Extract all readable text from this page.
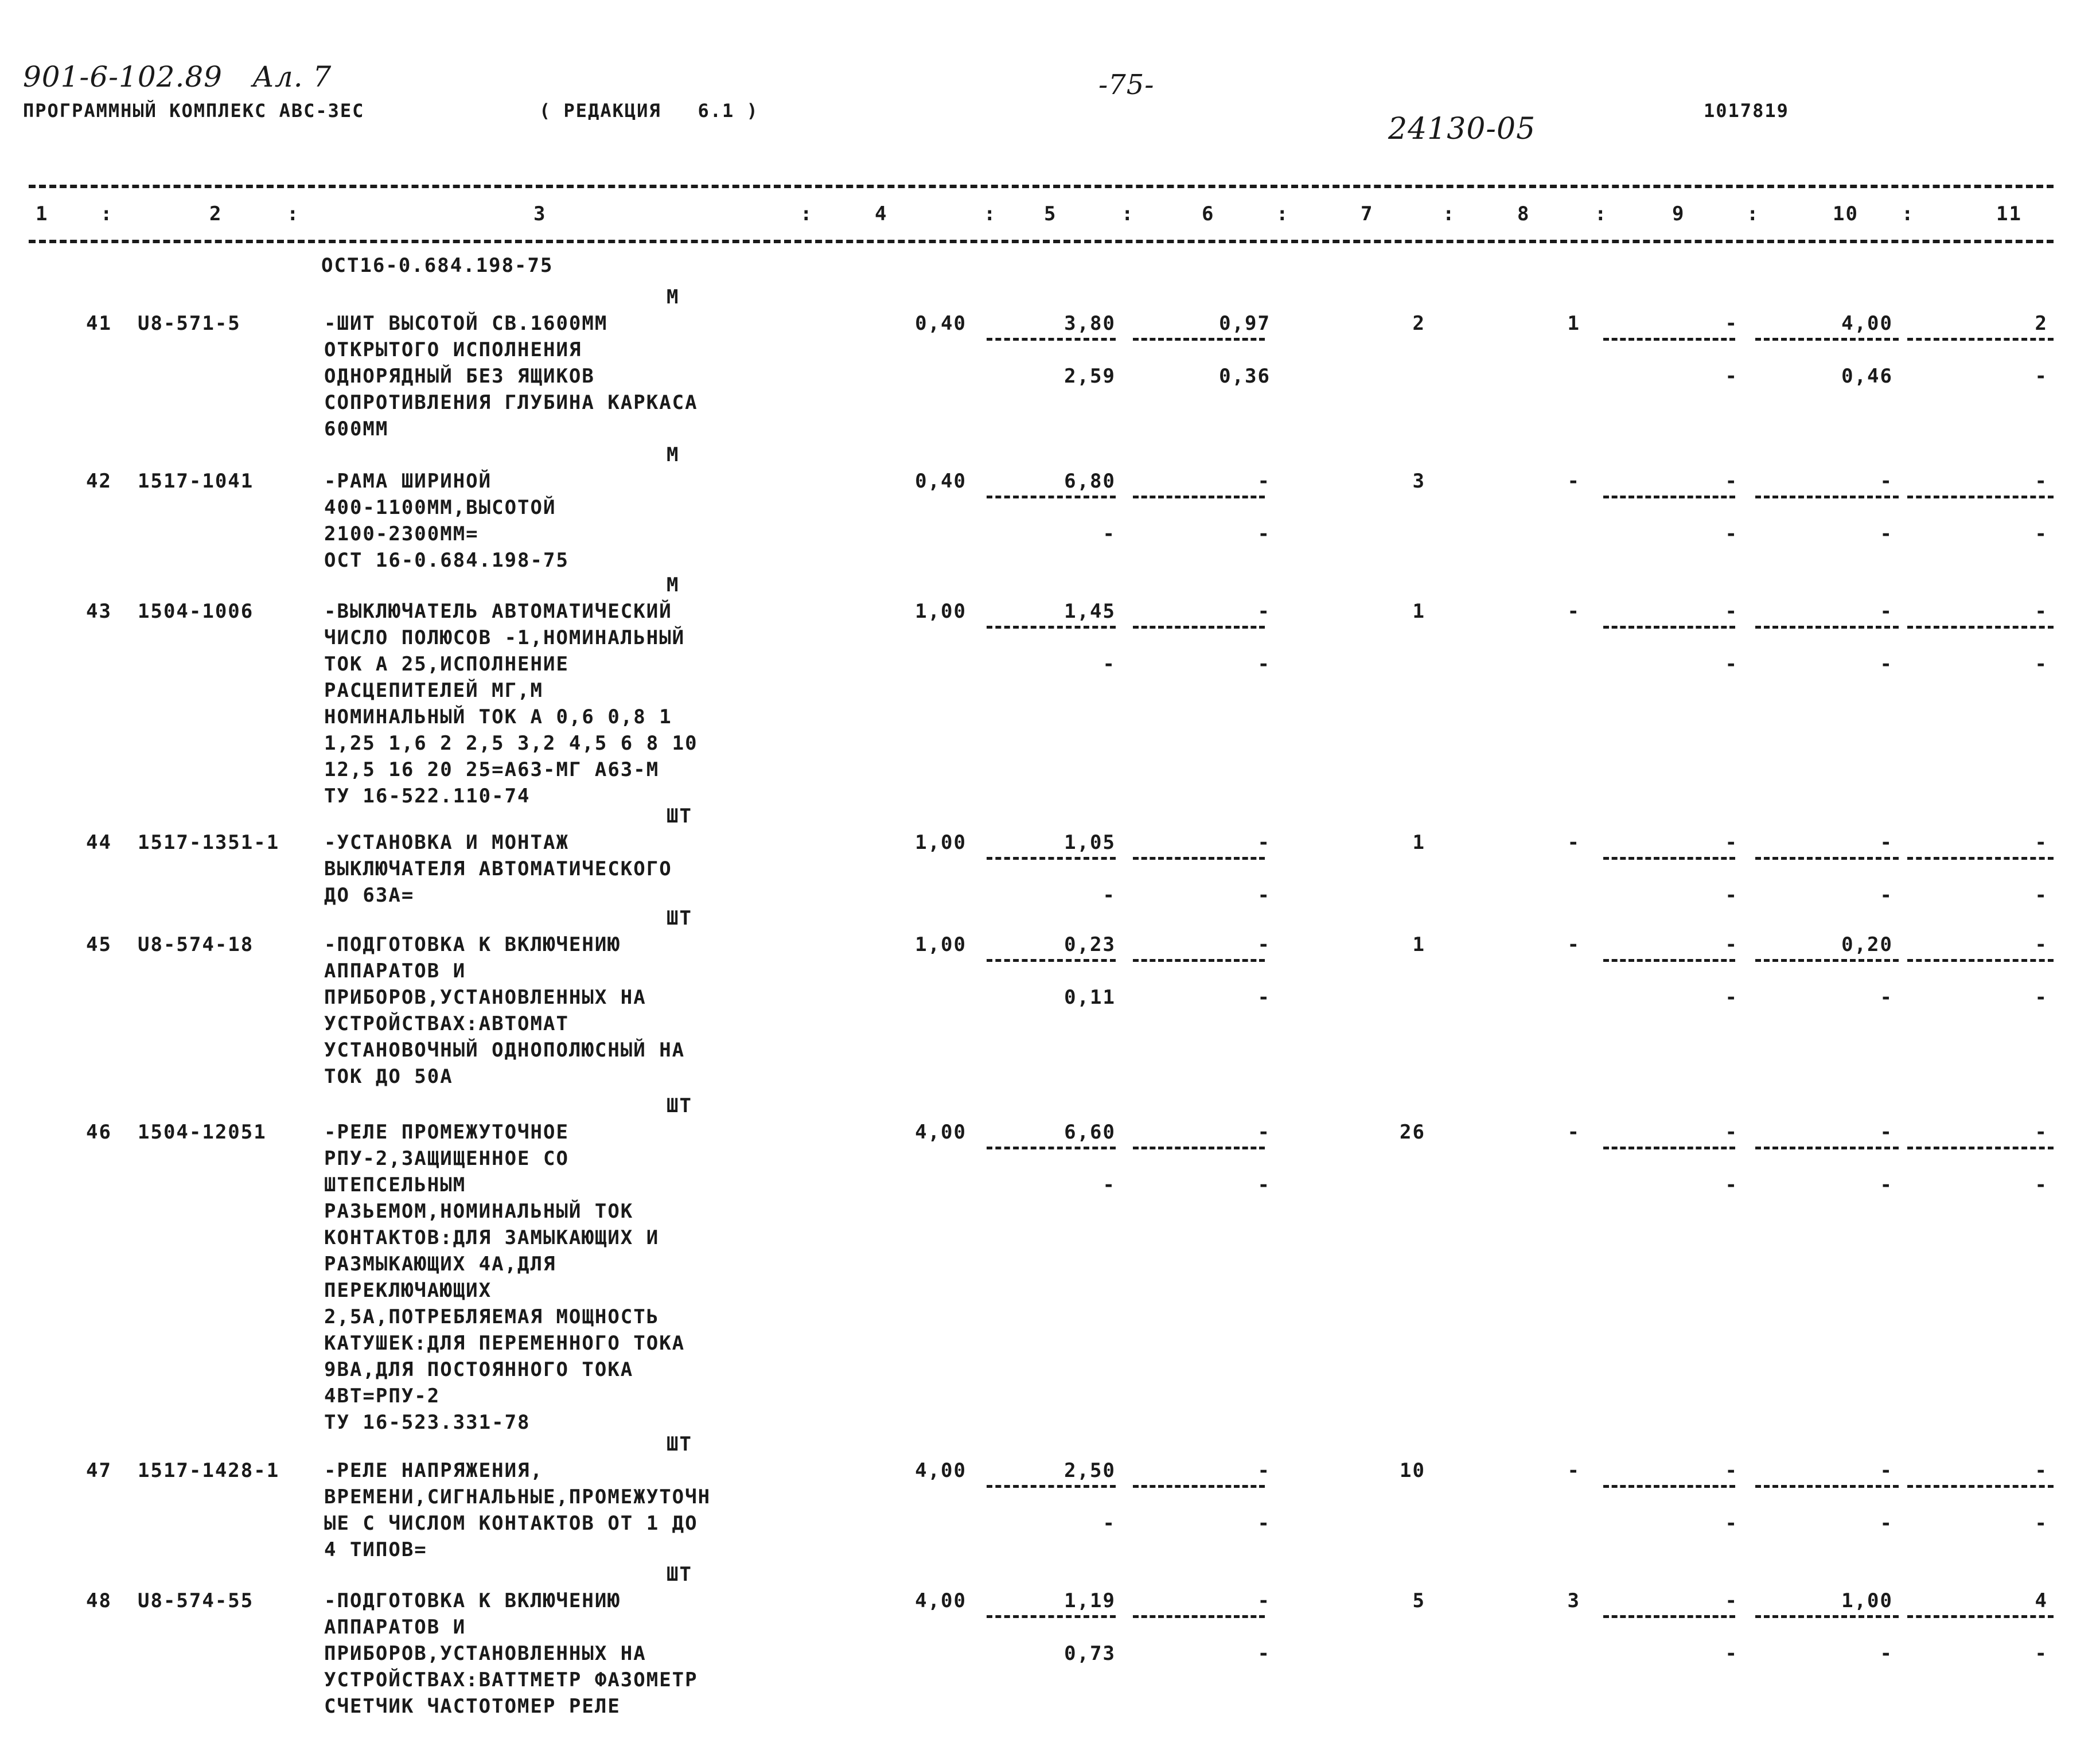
901-6-102.89 Ал. 7
ПРОГРАММНЫЙ КОМПЛЕКС АВС-3ЕС	( РЕДАКЦИЯ   6.1 )
-75-
24130-05
1017819
1	2	3	4	5	6	7	8	9	10	11
:	:	:	:	:	:	:	:	:	:
ОСТ16-0.684.198-75
М
41 U8-571-5	-ШИТ ВЫСОТОЙ СВ.1600ММ
ОТКРЫТОГО ИСПОЛНЕНИЯ
ОДНОРЯДНЫЙ БЕЗ ЯЩИКОВ
СОПРОТИВЛЕНИЯ ГЛУБИНА КАРКАСА
600ММ
0,40	3,80	0,97	2	1	-	4,00	2
2,59	0,36	-	0,46	-
М
42 1517-1041	-РАМА ШИРИНОЙ
400-1100ММ,ВЫСОТОЙ
2100-2300ММ=
ОСТ 16-0.684.198-75
0,40	6,80	-	3	-	-	-	-
-	-	-	-	-
М
43 1504-1006	-ВЫКЛЮЧАТЕЛЬ АВТОМАТИЧЕСКИЙ
ЧИСЛО ПОЛЮСОВ -1,НОМИНАЛЬНЫЙ
ТОК А 25,ИСПОЛНЕНИЕ
РАСЦЕПИТЕЛЕЙ МГ,М
НОМИНАЛЬНЫЙ ТОК А 0,6 0,8 1
1,25 1,6 2 2,5 3,2 4,5 6 8 10
12,5 16 20 25=А63-МГ А63-М
ТУ 16-522.110-74
1,00	1,45	-	1	-	-	-	-
-	-	-	-	-
ШТ
44 1517-1351-1 -УСТАНОВКА И МОНТАЖ
ВЫКЛЮЧАТЕЛЯ АВТОМАТИЧЕСКОГО
ДО 63А=
1,00	1,05	-	1	-	-	-	-
-	-	-	-	-
ШТ
45 U8-574-18	-ПОДГОТОВКА К ВКЛЮЧЕНИЮ
АППАРАТОВ И
ПРИБОРОВ,УСТАНОВЛЕННЫХ НА
УСТРОЙСТВАХ:АВТОМАТ
УСТАНОВОЧНЫЙ ОДНОПОЛЮСНЫЙ НА
ТОК ДО 50А
1,00	0,23	-	1	-	-	0,20	-
0,11	-	-	-	-
ШТ
46 1504-12051	-РЕЛЕ ПРОМЕЖУТОЧНОЕ
РПУ-2,ЗАЩИЩЕННОЕ СО
ШТЕПСЕЛЬНЫМ
РАЗЬЕМОМ,НОМИНАЛЬНЫЙ ТОК
КОНТАКТОВ:ДЛЯ ЗАМЫКАЮЩИХ И
РАЗМЫКАЮЩИХ 4А,ДЛЯ
ПЕРЕКЛЮЧАЮЩИХ
2,5А,ПОТРЕБЛЯЕМАЯ МОЩНОСТЬ
КАТУШЕК:ДЛЯ ПЕРЕМЕННОГО ТОКА
9ВА,ДЛЯ ПОСТОЯННОГО ТОКА
4ВТ=РПУ-2
ТУ 16-523.331-78
4,00	6,60	-	26	-	-	-	-
-	-	-	-	-
ШТ
47 1517-1428-1 -РЕЛЕ НАПРЯЖЕНИЯ,
ВРЕМЕНИ,СИГНАЛЬНЫЕ,ПРОМЕЖУТОЧН
ЫЕ С ЧИСЛОМ КОНТАКТОВ ОТ 1 ДО
4 ТИПОВ=
4,00	2,50	-	10	-	-	-	-
-	-	-	-	-
ШТ
48 U8-574-55	-ПОДГОТОВКА К ВКЛЮЧЕНИЮ
АППАРАТОВ И
ПРИБОРОВ,УСТАНОВЛЕННЫХ НА
УСТРОЙСТВАХ:ВАТТМЕТР ФАЗОМЕТР
СЧЕТЧИК ЧАСТОТОМЕР РЕЛЕ
4,00	1,19	-	5	3	-	1,00	4
0,73	-	-	-	-
